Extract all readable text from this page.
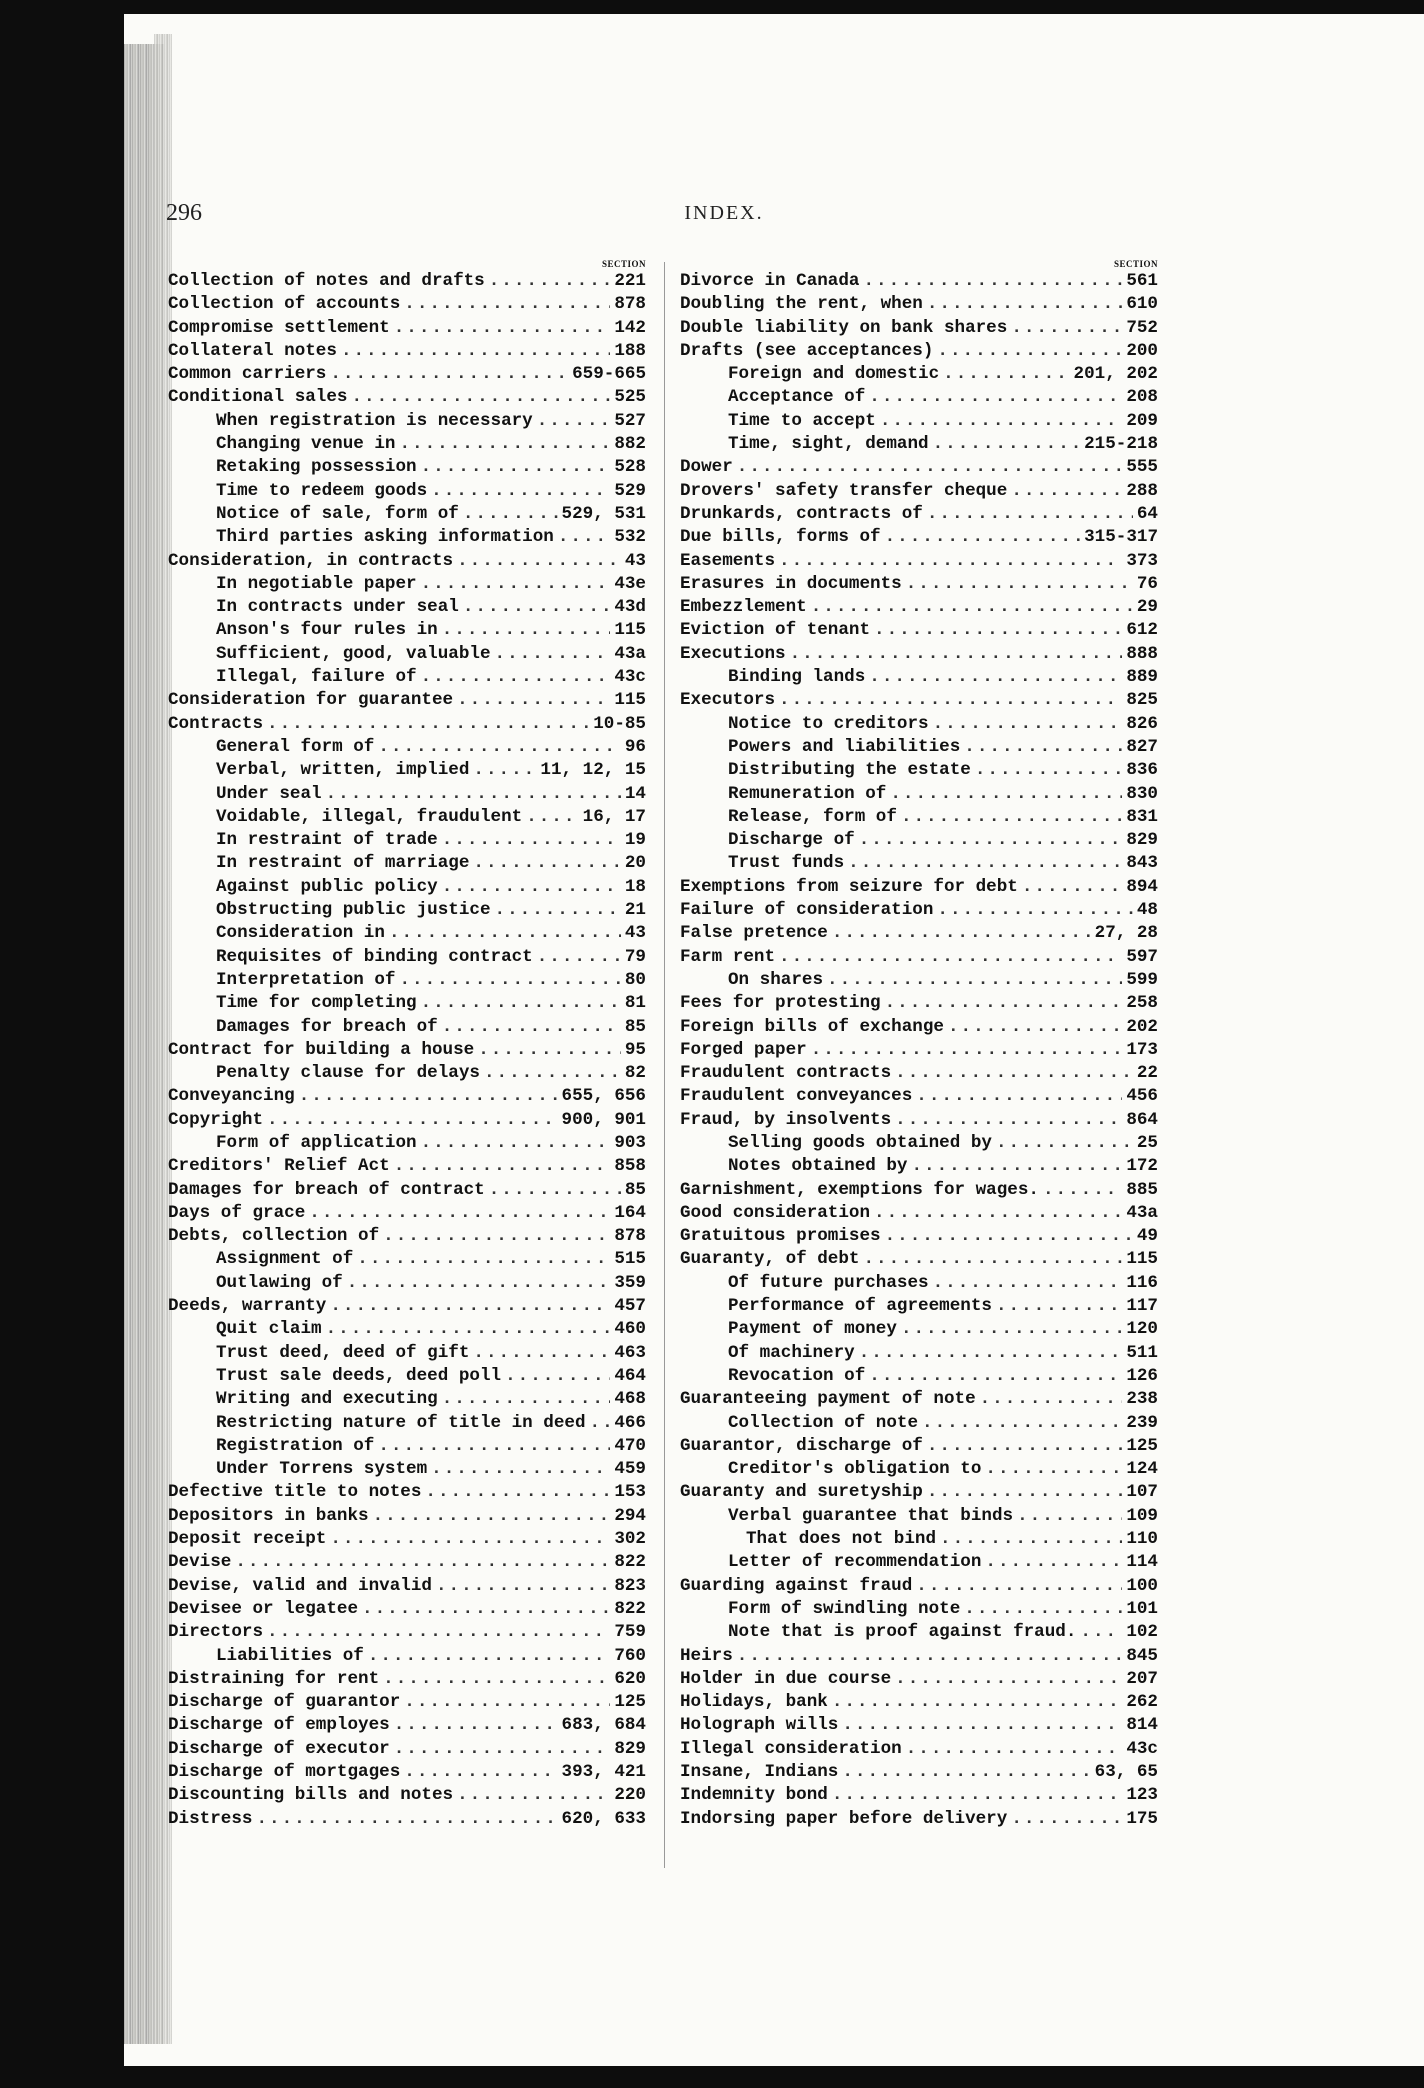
296	INDEX.
SECTION
Collection of notes and drafts .....	221
Collection of accounts .....	878
Compromise settlement .....	142
Collateral notes .....	188
Common carriers .....	659-665
Conditional sales .....	525
When registration is necessary .....	527
Changing venue in .....	882
Retaking possession .....	528
Time to redeem goods .....	529
Notice of sale, form of .....	529, 531
Third parties asking information .....	532
Consideration, in contracts .....	43
In negotiable paper .....	43e
In contracts under seal .....	43d
Anson's four rules in .....	115
Sufficient, good, valuable .....	43a
Illegal, failure of .....	43c
Consideration for guarantee .....	115
Contracts .....	10-85
General form of .....	96
Verbal, written, implied .....	11, 12, 15
Under seal .....	14
Voidable, illegal, fraudulent .....	16, 17
In restraint of trade .....	19
In restraint of marriage .....	20
Against public policy .....	18
Obstructing public justice .....	21
Consideration in .....	43
Requisites of binding contract .....	79
Interpretation of .....	80
Time for completing .....	81
Damages for breach of .....	85
Contract for building a house .....	95
Penalty clause for delays .....	82
Conveyancing .....	655, 656
Copyright .....	900, 901
Form of application .....	903
Creditors' Relief Act .....	858
Damages for breach of contract .....	85
Days of grace .....	164
Debts, collection of .....	878
Assignment of .....	515
Outlawing of .....	359
Deeds, warranty .....	457
Quit claim .....	460
Trust deed, deed of gift .....	463
Trust sale deeds, deed poll .....	464
Writing and executing .....	468
Restricting nature of title in deed ..... 466
Registration of .....	470
Under Torrens system .....	459
Defective title to notes .....	153
Depositors in banks .....	294
Deposit receipt .....	302
Devise .....	822
Devise, valid and invalid .....	823
Devisee or legatee .....	822
Directors .....	759
Liabilities of .....	760
Distraining for rent .....	620
Discharge of guarantor .....	125
Discharge of employes .....	683, 684
Discharge of executor .....	829
Discharge of mortgages .....	393, 421
Discounting bills and notes .....	220
Distress .....	620, 633
SECTION
Divorce in Canada .....	561
Doubling the rent, when .....	610
Double liability on bank shares .....	752
Drafts (see acceptances) .....	200
Foreign and domestic .....	201, 202
Acceptance of .....	208
Time to accept .....	209
Time, sight, demand .....	215-218
Dower .....	555
Drovers' safety transfer cheque .....	288
Drunkards, contracts of .....	64
Due bills, forms of .....	315-317
Easements .....	373
Erasures in documents .....	76
Embezzlement .....	29
Eviction of tenant .....	612
Executions .....	888
Binding lands .....	889
Executors .....	825
Notice to creditors .....	826
Powers and liabilities .....	827
Distributing the estate .....	836
Remuneration of .....	830
Release, form of .....	831
Discharge of .....	829
Trust funds .....	843
Exemptions from seizure for debt .....	894
Failure of consideration .....	48
False pretence .....	27, 28
Farm rent .....	597
On shares .....	599
Fees for protesting .....	258
Foreign bills of exchange .....	202
Forged paper .....	173
Fraudulent contracts .....	22
Fraudulent conveyances .....	456
Fraud, by insolvents .....	864
Selling goods obtained by .....	25
Notes obtained by .....	172
Garnishment, exemptions for wages. .....	885
Good consideration .....	43a
Gratuitous promises .....	49
Guaranty, of debt .....	115
Of future purchases .....	116
Performance of agreements .....	117
Payment of money .....	120
Of machinery .....	511
Revocation of .....	126
Guaranteeing payment of note .....	238
Collection of note .....	239
Guarantor, discharge of .....	125
Creditor's obligation to .....	124
Guaranty and suretyship .....	107
Verbal guarantee that binds .....	109
That does not bind .....	110
Letter of recommendation .....	114
Guarding against fraud .....	100
Form of swindling note .....	101
Note that is proof against fraud. .....	102
Heirs .....	845
Holder in due course .....	207
Holidays, bank .....	262
Holograph wills .....	814
Illegal consideration .....	43c
Insane, Indians .....	63, 65
Indemnity bond .....	123
Indorsing paper before delivery .....	175
